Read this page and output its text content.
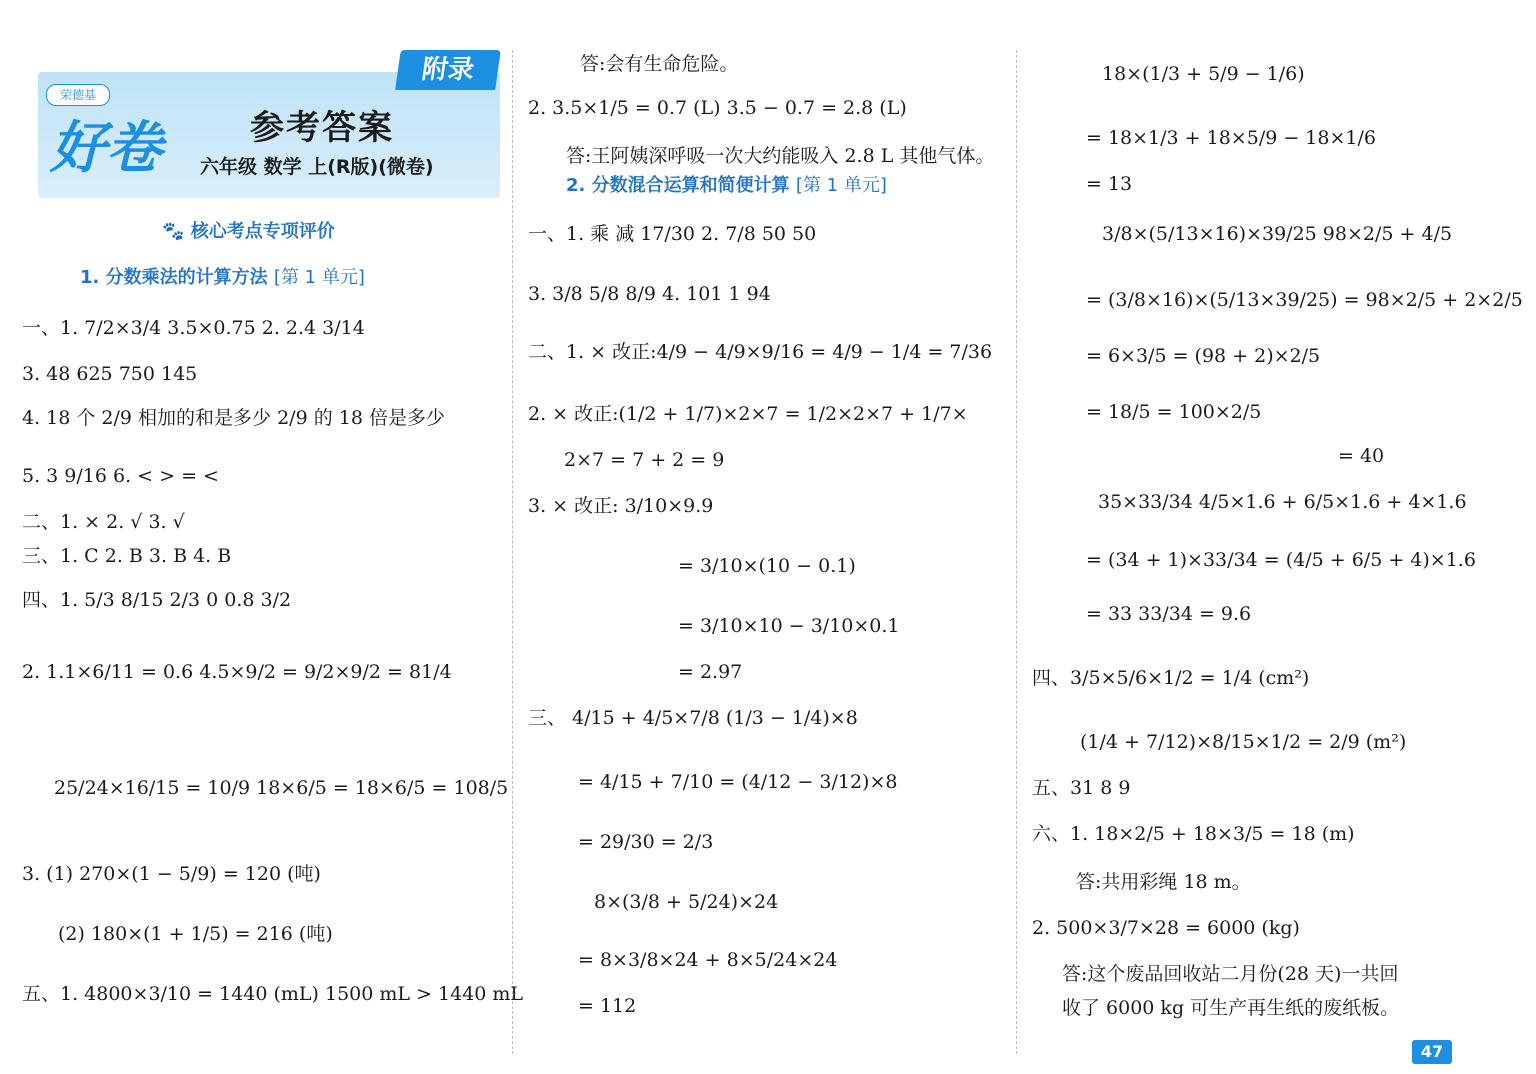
附录
荣德基
好卷	参考答案
六年级 数学 上(R版)(微卷)
🐾 核心考点专项评价
1. 分数乘法的计算方法 [第 1 单元]
一、1. 7/2×3/4 3.5×0.75 2. 2.4 3/14
3. 48 625 750 145
4. 18 个 2/9 相加的和是多少 2/9 的 18 倍是多少
5. 3 9/16 6. < > = <
二、1. × 2. √ 3. √
三、1. C 2. B 3. B 4. B
四、1. 5/3 8/15 2/3 0 0.8 3/2
2. 1.1×6/11 = 0.6 4.5×9/2 = 9/2×9/2 = 81/4
25/24×16/15 = 10/9 18×6/5 = 18×6/5 = 108/5
3. (1) 270×(1 − 5/9) = 120 (吨)
(2) 180×(1 + 1/5) = 216 (吨)
五、1. 4800×3/10 = 1440 (mL) 1500 mL > 1440 mL
答:会有生命危险。
2. 3.5×1/5 = 0.7 (L) 3.5 − 0.7 = 2.8 (L)
答:王阿姨深呼吸一次大约能吸入 2.8 L 其他气体。
2. 分数混合运算和简便计算 [第 1 单元]
一、1. 乘 减 17/30 2. 7/8 50 50
3. 3/8 5/8 8/9 4. 101 1 94
二、1. × 改正:4/9 − 4/9×9/16 = 4/9 − 1/4 = 7/36
2. × 改正:(1/2 + 1/7)×2×7 = 1/2×2×7 + 1/7×
2×7 = 7 + 2 = 9
3. × 改正: 3/10×9.9
= 3/10×(10 − 0.1)
= 3/10×10 − 3/10×0.1
= 2.97
三、 4/15 + 4/5×7/8 (1/3 − 1/4)×8
= 4/15 + 7/10 = (4/12 − 3/12)×8
= 29/30 = 2/3
8×(3/8 + 5/24)×24
= 8×3/8×24 + 8×5/24×24
= 112
18×(1/3 + 5/9 − 1/6)
= 18×1/3 + 18×5/9 − 18×1/6
= 13
3/8×(5/13×16)×39/25 98×2/5 + 4/5
= (3/8×16)×(5/13×39/25) = 98×2/5 + 2×2/5
= 6×3/5 = (98 + 2)×2/5
= 18/5 = 100×2/5
= 40
35×33/34 4/5×1.6 + 6/5×1.6 + 4×1.6
= (34 + 1)×33/34 = (4/5 + 6/5 + 4)×1.6
= 33 33/34 = 9.6
四、3/5×5/6×1/2 = 1/4 (cm²)
(1/4 + 7/12)×8/15×1/2 = 2/9 (m²)
五、31 8 9
六、1. 18×2/5 + 18×3/5 = 18 (m)
答:共用彩绳 18 m。
2. 500×3/7×28 = 6000 (kg)
答:这个废品回收站二月份(28 天)一共回
收了 6000 kg 可生产再生纸的废纸板。
47
